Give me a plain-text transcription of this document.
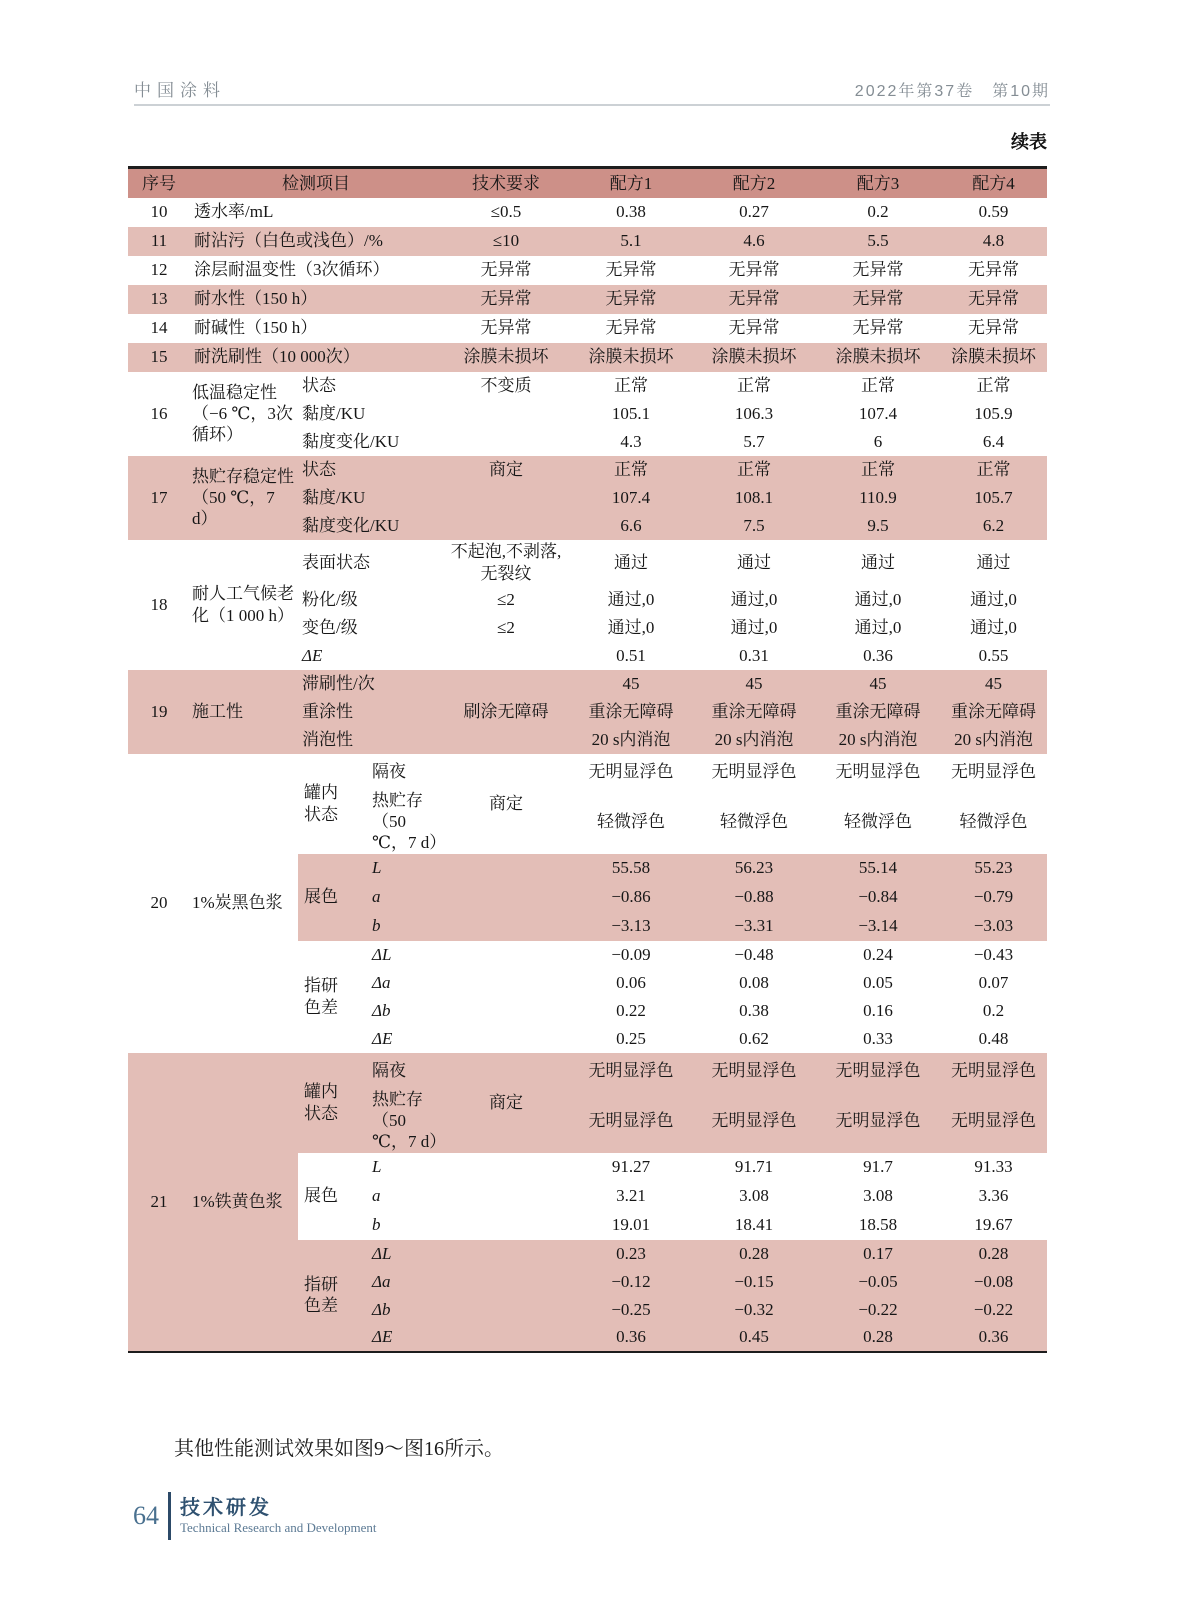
中国涂料	2022年第37卷　第10期
续表
序号	检测项目			技术要求	配方1	配方2	配方3	配方4
10	透水率/mL			≤0.5	0.38	0.27	0.2	0.59
11	耐沾污（白色或浅色）/%			≤10	5.1	4.6	5.5	4.8
12	涂层耐温变性（3次循环）			无异常	无异常	无异常	无异常	无异常
13	耐水性（150 h）			无异常	无异常	无异常	无异常	无异常
14	耐碱性（150 h）			无异常	无异常	无异常	无异常	无异常
15	耐洗刷性（10 000次）			涂膜未损坏	涂膜未损坏	涂膜未损坏	涂膜未损坏	涂膜未损坏
16	低温稳定性（−6 ℃，3次循环）	状态		不变质	正常	正常	正常	正常
		黏度/KU			105.1	106.3	107.4	105.9
		黏度变化/KU			4.3	5.7	6	6.4
17	热贮存稳定性（50 ℃，7 d）	状态		商定	正常	正常	正常	正常
		黏度/KU			107.4	108.1	110.9	105.7
		黏度变化/KU			6.6	7.5	9.5	6.2
18	耐人工气候老化（1 000 h）	表面状态		不起泡,不剥落,无裂纹	通过	通过	通过	通过
		粉化/级		≤2	通过,0	通过,0	通过,0	通过,0
		变色/级		≤2	通过,0	通过,0	通过,0	通过,0
		ΔE			0.51	0.31	0.36	0.55
19	施工性	滞刷性/次			45	45	45	45
		重涂性		刷涂无障碍	重涂无障碍	重涂无障碍	重涂无障碍	重涂无障碍
		消泡性			20 s内消泡	20 s内消泡	20 s内消泡	20 s内消泡
20	1%炭黑色浆	罐内状态	隔夜	商定	无明显浮色	无明显浮色	无明显浮色	无明显浮色
			热贮存（50 ℃，7 d）		轻微浮色	轻微浮色	轻微浮色	轻微浮色
		展色	L		55.58	56.23	55.14	55.23
			a		−0.86	−0.88	−0.84	−0.79
			b		−3.13	−3.31	−3.14	−3.03
		指研色差	ΔL		−0.09	−0.48	0.24	−0.43
			Δa		0.06	0.08	0.05	0.07
			Δb		0.22	0.38	0.16	0.2
			ΔE		0.25	0.62	0.33	0.48
21	1%铁黄色浆	罐内状态	隔夜	商定	无明显浮色	无明显浮色	无明显浮色	无明显浮色
			热贮存（50 ℃，7 d）		无明显浮色	无明显浮色	无明显浮色	无明显浮色
		展色	L		91.27	91.71	91.7	91.33
			a		3.21	3.08	3.08	3.36
			b		19.01	18.41	18.58	19.67
		指研色差	ΔL		0.23	0.28	0.17	0.28
			Δa		−0.12	−0.15	−0.05	−0.08
			Δb		−0.25	−0.32	−0.22	−0.22
			ΔE		0.36	0.45	0.28	0.36

其他性能测试效果如图9～图16所示。

64 技术研发
Technical Research and Development
